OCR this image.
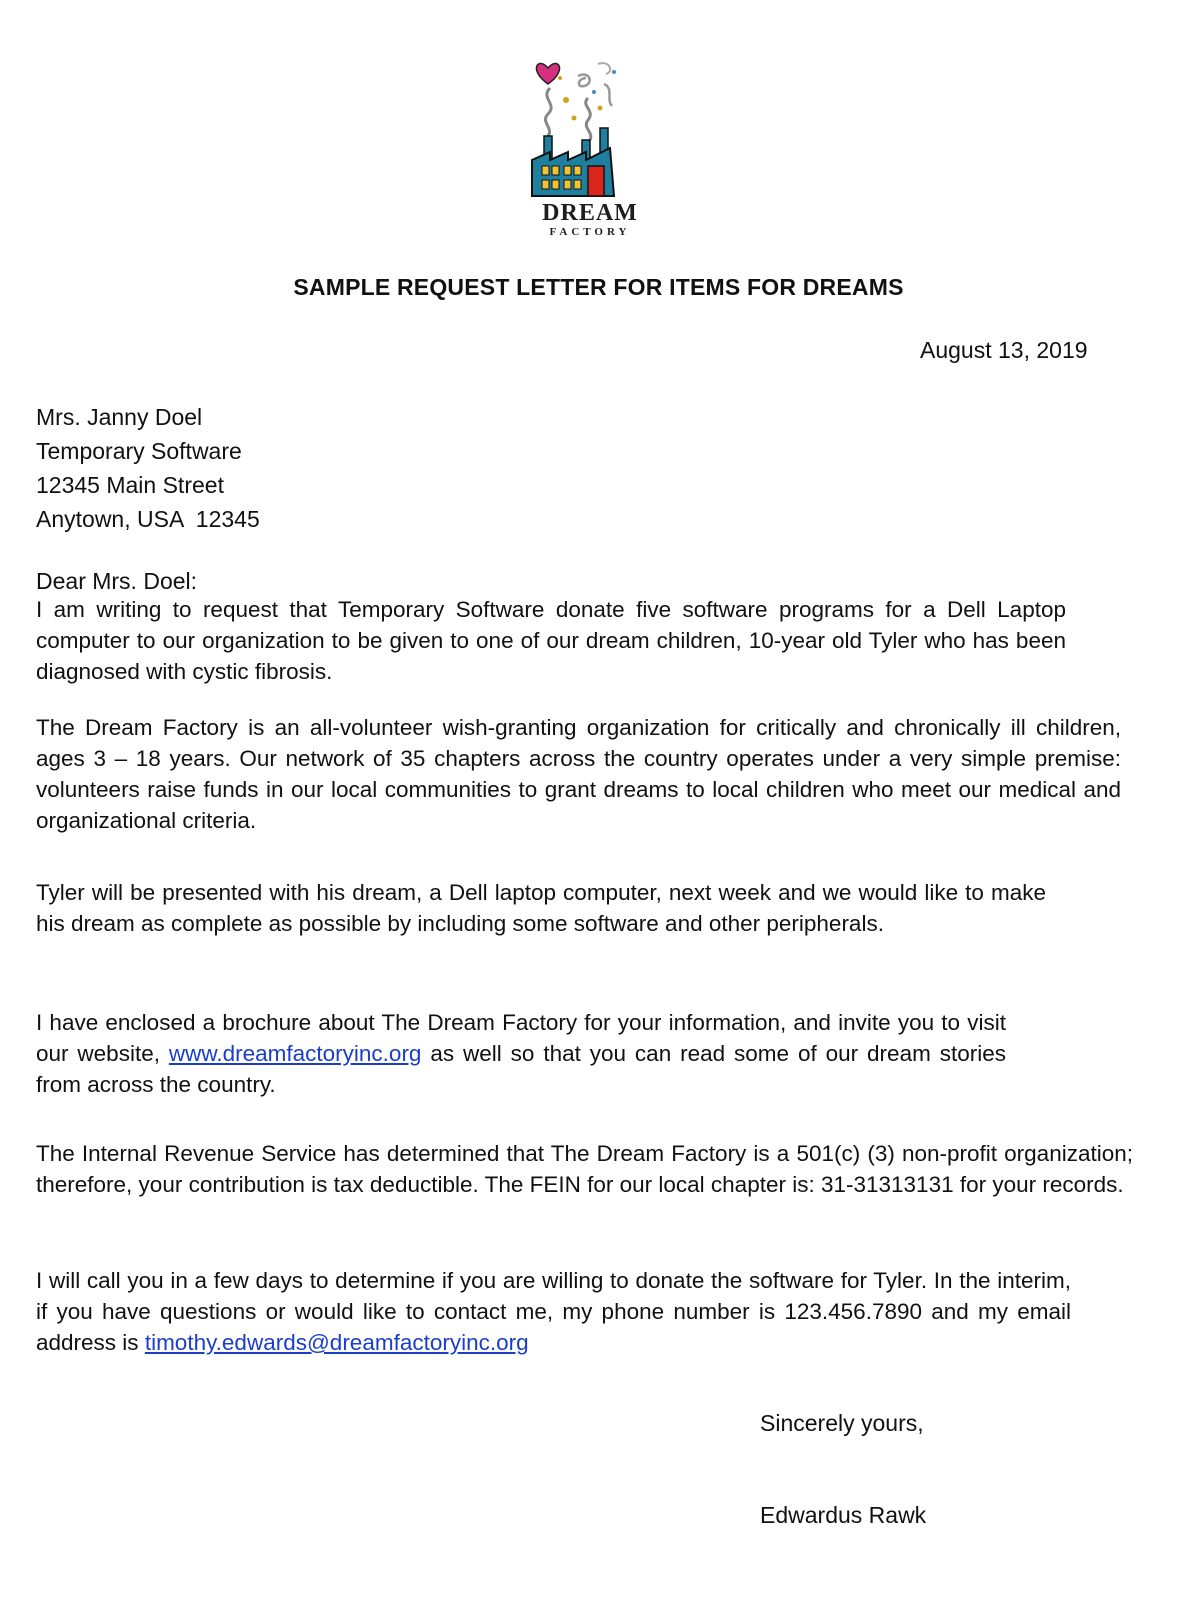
DREAM
FACTORY
SAMPLE REQUEST LETTER FOR ITEMS FOR DREAMS
August 13, 2019
Mrs. Janny Doel
Temporary Software
12345 Main Street
Anytown, USA  12345
Dear Mrs. Doel:
I am writing to request that Temporary Software donate five software programs for a Dell Laptop computer to our organization to be given to one of our dream children, 10-year old Tyler who has been diagnosed with cystic fibrosis.
The Dream Factory is an all-volunteer wish-granting organization for critically and chronically ill children, ages 3 – 18 years. Our network of 35 chapters across the country operates under a very simple premise: volunteers raise funds in our local communities to grant dreams to local children who meet our medical and organizational criteria.
Tyler will be presented with his dream, a Dell laptop computer, next week and we would like to make his dream as complete as possible by including some software and other peripherals.
I have enclosed a brochure about The Dream Factory for your information, and invite you to visit our website, www.dreamfactoryinc.org as well so that you can read some of our dream stories from across the country.
The Internal Revenue Service has determined that The Dream Factory is a 501(c) (3) non-profit organization; therefore, your contribution is tax deductible. The FEIN for our local chapter is: 31-31313131 for your records.
I will call you in a few days to determine if you are willing to donate the software for Tyler. In the interim, if you have questions or would like to contact me, my phone number is 123.456.7890 and my email address is timothy.edwards@dreamfactoryinc.org
Sincerely yours,
Edwardus Rawk
